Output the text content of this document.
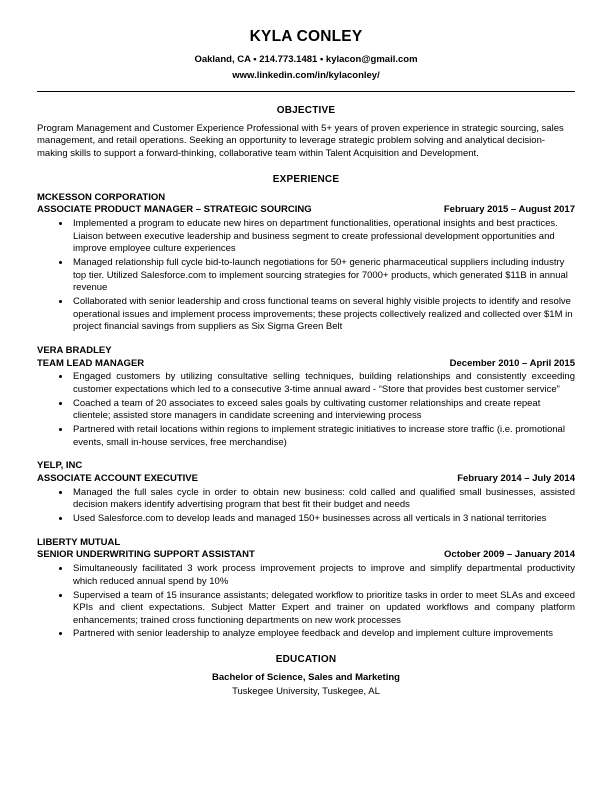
KYLA CONLEY

Oakland, CA • 214.773.1481 • kylacon@gmail.com

www.linkedin.com/in/kylaconley/

OBJECTIVE

Program Management and Customer Experience Professional with 5+ years of proven experience in strategic sourcing, sales management, and retail operations. Seeking an opportunity to leverage strategic problem solving and analytical decision-making skills to support a forward-thinking, collaborative team within Talent Acquisition and Development.

EXPERIENCE
MCKESSON CORPORATION
ASSOCIATE PRODUCT MANAGER – STRATEGIC SOURCING	February 2015 – August 2017
• Implemented a program to educate new hires on department functionalities, operational insights and best practices. Liaison between executive leadership and business segment to create professional development opportunities and improve employee culture experiences
• Managed relationship full cycle bid-to-launch negotiations for 50+ generic pharmaceutical suppliers including industry top tier. Utilized Salesforce.com to implement sourcing strategies for 7000+ products, which generated $11B in annual revenue
• Collaborated with senior leadership and cross functional teams on several highly visible projects to identify and resolve operational issues and implement process improvements; these projects collectively realized and collected over $1M in project financial savings from suppliers as Six Sigma Green Belt
VERA BRADLEY
TEAM LEAD MANAGER	December 2010 – April 2015
• Engaged customers by utilizing consultative selling techniques, building relationships and consistently exceeding customer expectations which led to a consecutive 3-time annual award - “Store that provides best customer service”
• Coached a team of 20 associates to exceed sales goals by cultivating customer relationships and create repeat clientele; assisted store managers in candidate screening and interviewing process
• Partnered with retail locations within regions to implement strategic initiatives to increase store traffic (i.e. promotional events, small in-house services, free merchandise)
YELP, INC
ASSOCIATE ACCOUNT EXECUTIVE	February 2014 – July 2014
• Managed the full sales cycle in order to obtain new business: cold called and qualified small businesses, assisted decision makers identify advertising program that best fit their budget and needs
• Used Salesforce.com to develop leads and managed 150+ businesses across all verticals in 3 national territories
LIBERTY MUTUAL
SENIOR UNDERWRITING SUPPORT ASSISTANT	October 2009 – January 2014
• Simultaneously facilitated 3 work process improvement projects to improve and simplify departmental productivity which reduced annual spend by 10%
• Supervised a team of 15 insurance assistants; delegated workflow to prioritize tasks in order to meet SLAs and exceed KPIs and client expectations. Subject Matter Expert and trainer on updated workflows and company platform enhancements; trained cross functioning departments on new work processes
• Partnered with senior leadership to analyze employee feedback and develop and implement culture improvements
EDUCATION

Bachelor of Science, Sales and Marketing

Tuskegee University, Tuskegee, AL
